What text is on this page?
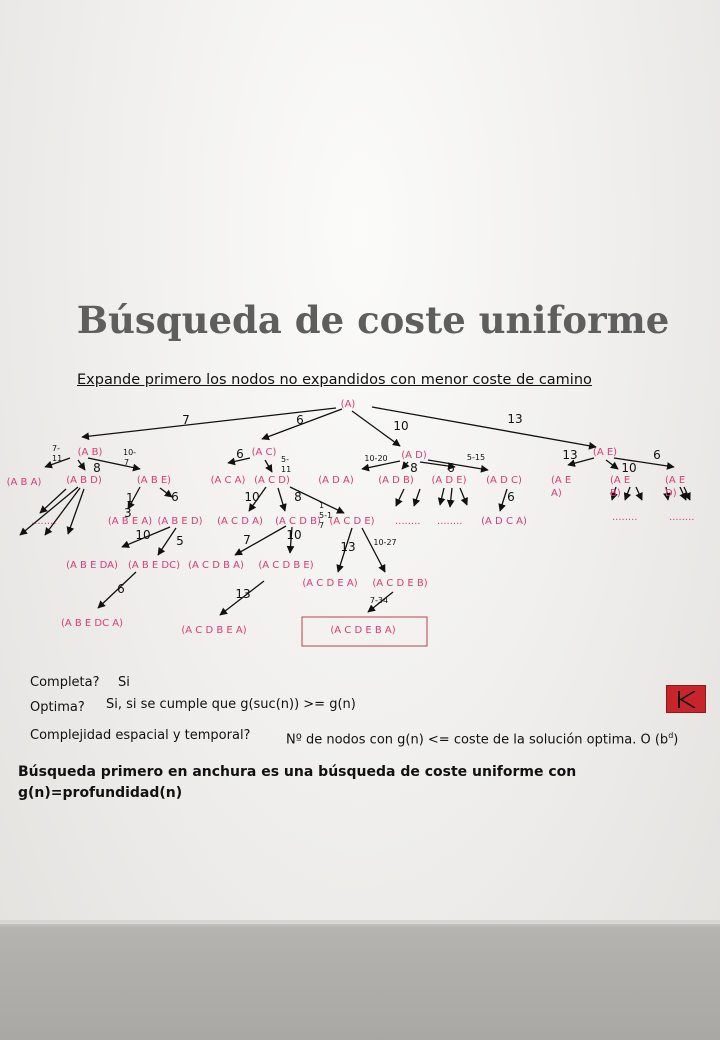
Búsqueda de coste uniforme

Expande primero los nodos no expandidos con menor coste de camino

(A)
(A B)	(A C)	(A D)	(A E)
(A B A) (A B D)	(A B E)	(A C A) (A C D)	(A D A) (A D B) (A D E) (A D C)	(A E A)
(A E B)
(A E D)
........	(A B E A) (A B E D) (A C D A) (A C D B) (A C D E) ........ ........ (A D C A)	........	........
(A B E DA) (A B E DC) (A C D B A) (A C D B E)
(A C D E A) (A C D E B)
(A B E DC A)
(A C D B E A)	(A C D E B A)
7	6	10	13
7-11
8
10-7
6	5-11
10-20
8 6
5-15	13
10
6
1 3
6	10	8
1 5-1 7
6
10 5	7	10
13 10-27
6	13	7-34
Completa? Si
Optima? Si, si se cumple que g(suc(n)) >= g(n)
Complejidad espacial y temporal?	Nº de nodos con g(n) <= coste de la solución optima. O $(b^d)$
Búsqueda primero en anchura es una búsqueda de coste uniforme con g(n)=profundidad(n)
